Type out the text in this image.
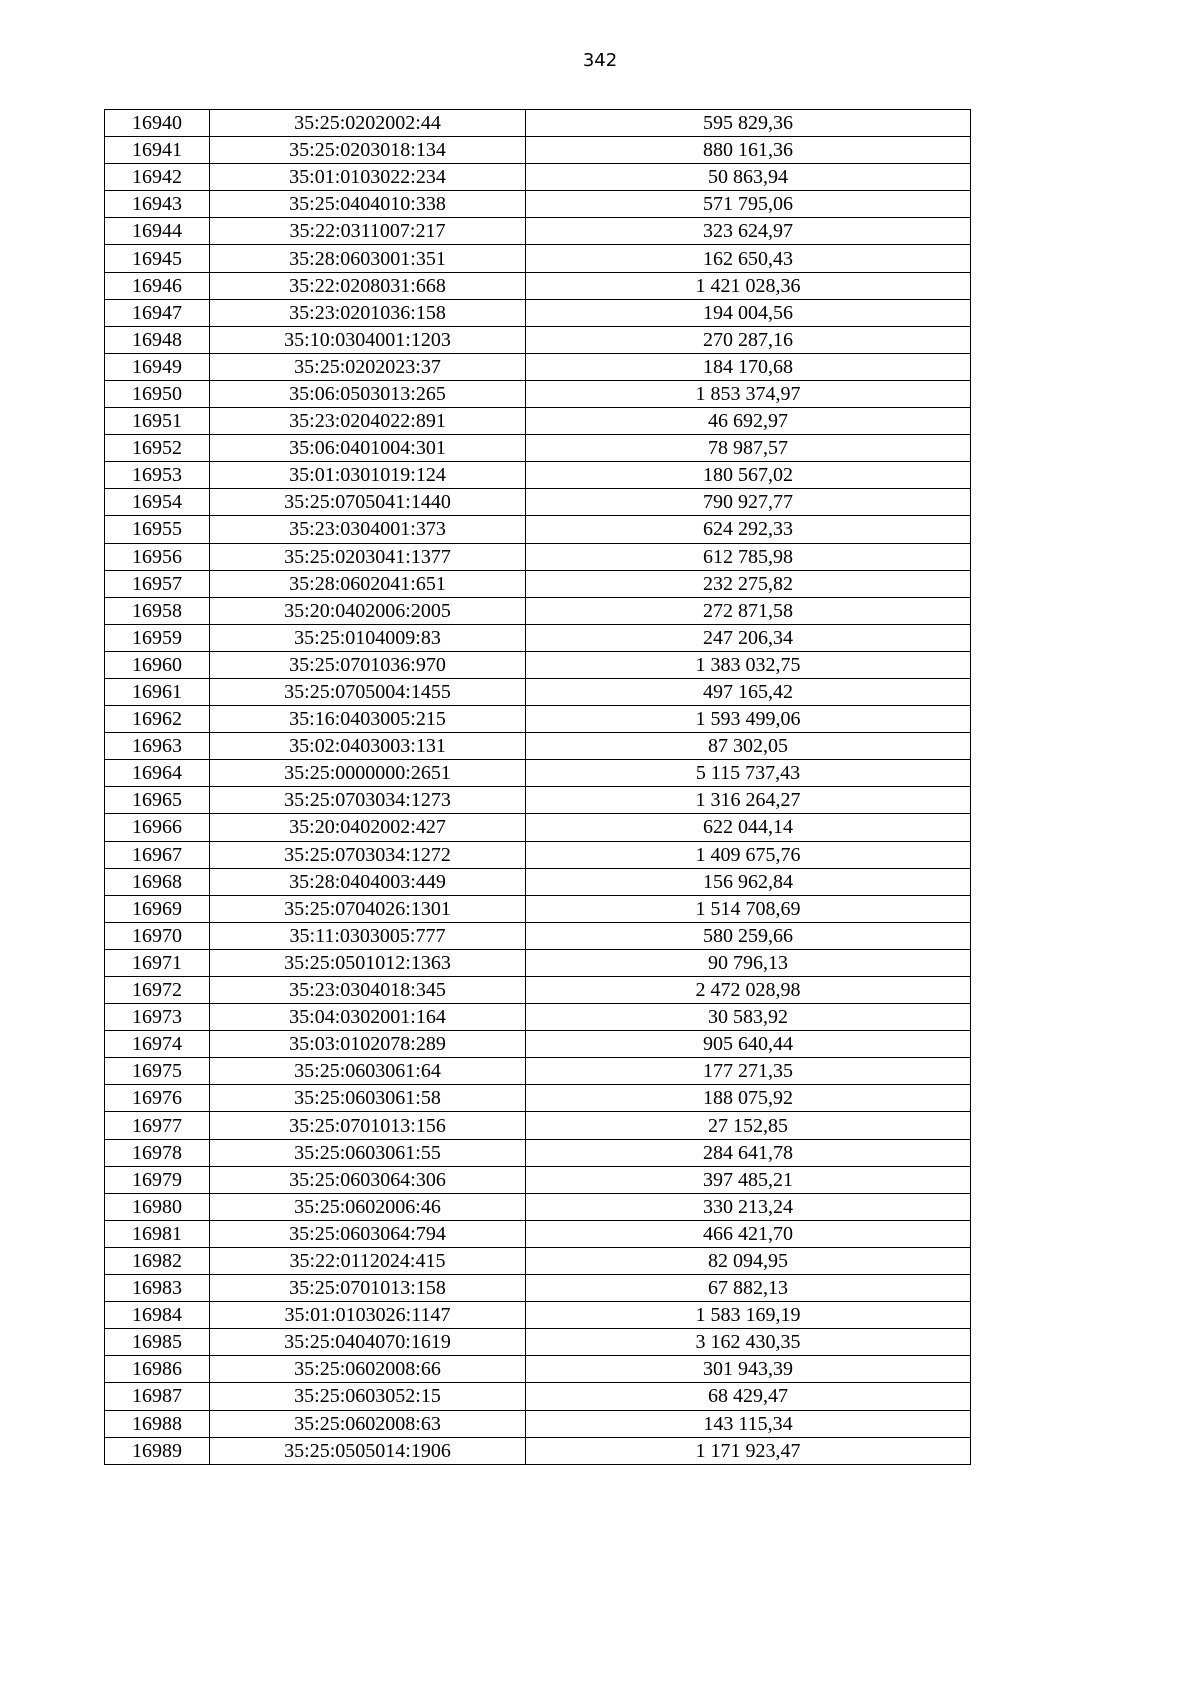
342
16940	35:25:0202002:44	595 829,36
16941	35:25:0203018:134	880 161,36
16942	35:01:0103022:234	50 863,94
16943	35:25:0404010:338	571 795,06
16944	35:22:0311007:217	323 624,97
16945	35:28:0603001:351	162 650,43
16946	35:22:0208031:668	1 421 028,36
16947	35:23:0201036:158	194 004,56
16948	35:10:0304001:1203	270 287,16
16949	35:25:0202023:37	184 170,68
16950	35:06:0503013:265	1 853 374,97
16951	35:23:0204022:891	46 692,97
16952	35:06:0401004:301	78 987,57
16953	35:01:0301019:124	180 567,02
16954	35:25:0705041:1440	790 927,77
16955	35:23:0304001:373	624 292,33
16956	35:25:0203041:1377	612 785,98
16957	35:28:0602041:651	232 275,82
16958	35:20:0402006:2005	272 871,58
16959	35:25:0104009:83	247 206,34
16960	35:25:0701036:970	1 383 032,75
16961	35:25:0705004:1455	497 165,42
16962	35:16:0403005:215	1 593 499,06
16963	35:02:0403003:131	87 302,05
16964	35:25:0000000:2651	5 115 737,43
16965	35:25:0703034:1273	1 316 264,27
16966	35:20:0402002:427	622 044,14
16967	35:25:0703034:1272	1 409 675,76
16968	35:28:0404003:449	156 962,84
16969	35:25:0704026:1301	1 514 708,69
16970	35:11:0303005:777	580 259,66
16971	35:25:0501012:1363	90 796,13
16972	35:23:0304018:345	2 472 028,98
16973	35:04:0302001:164	30 583,92
16974	35:03:0102078:289	905 640,44
16975	35:25:0603061:64	177 271,35
16976	35:25:0603061:58	188 075,92
16977	35:25:0701013:156	27 152,85
16978	35:25:0603061:55	284 641,78
16979	35:25:0603064:306	397 485,21
16980	35:25:0602006:46	330 213,24
16981	35:25:0603064:794	466 421,70
16982	35:22:0112024:415	82 094,95
16983	35:25:0701013:158	67 882,13
16984	35:01:0103026:1147	1 583 169,19
16985	35:25:0404070:1619	3 162 430,35
16986	35:25:0602008:66	301 943,39
16987	35:25:0603052:15	68 429,47
16988	35:25:0602008:63	143 115,34
16989	35:25:0505014:1906	1 171 923,47
